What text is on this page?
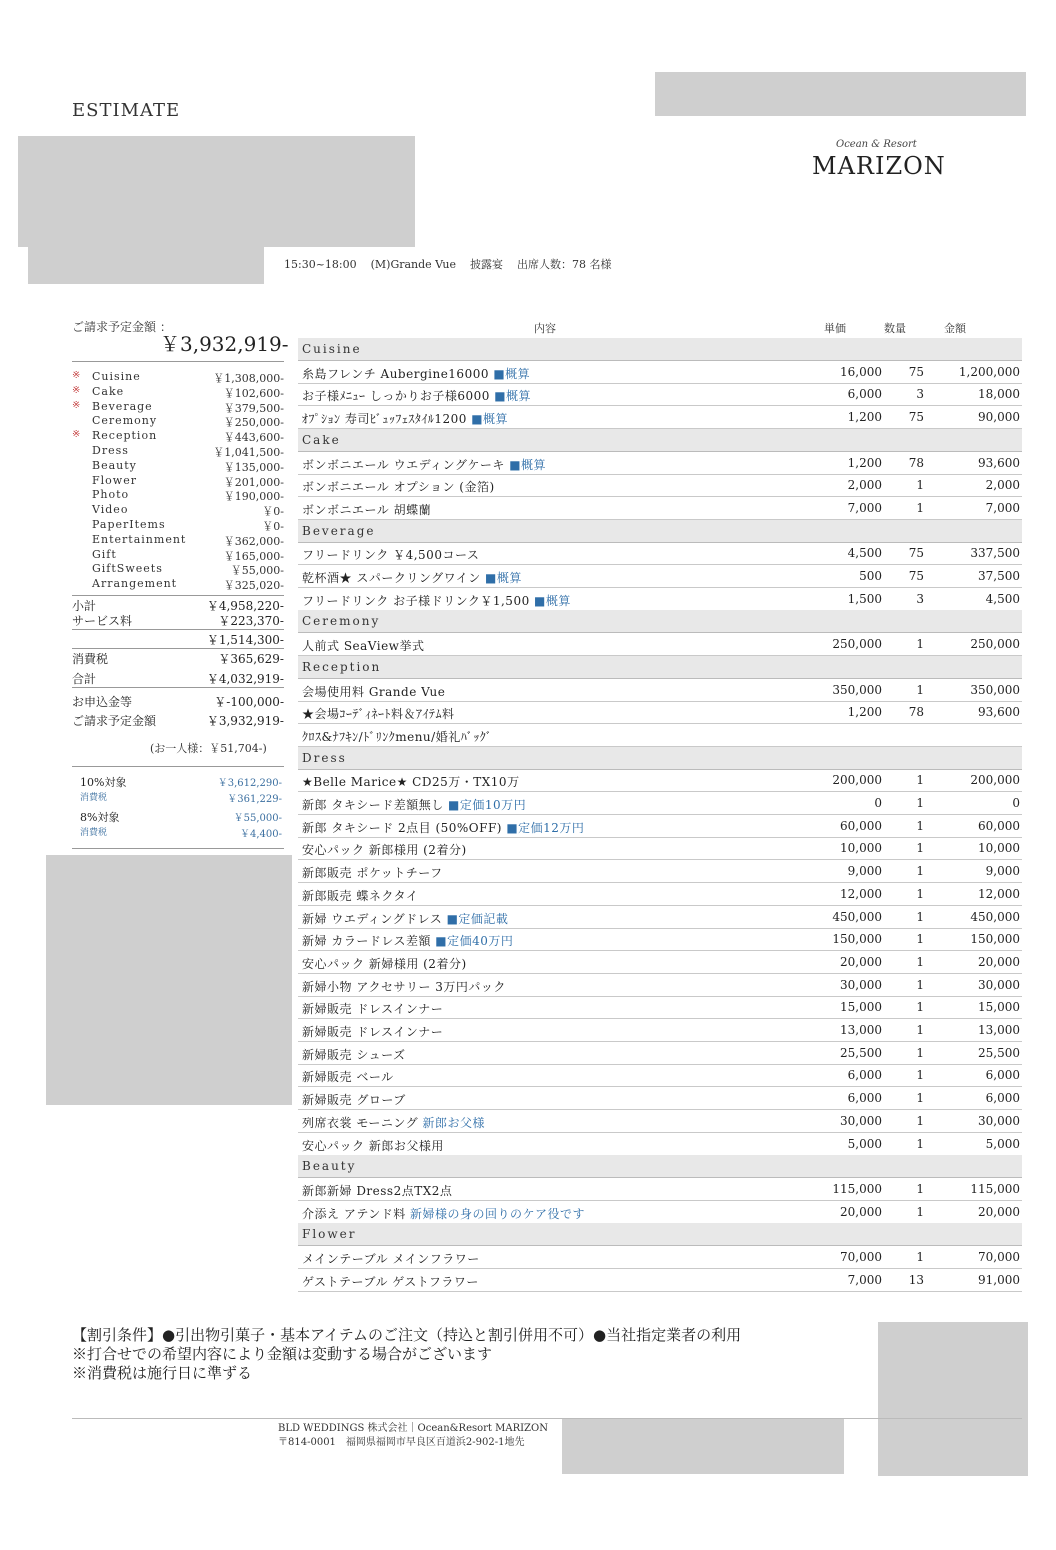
ESTIMATE
Ocean & Resort
MARIZON
15:30~18:00    (M)Grande Vue    披露宴    出席人数：78 名様
ご請求予定金額 ：
￥3,932,919-
※ Cuisine	￥1,308,000-
※ Cake	￥102,600-
※ Beverage	￥379,500-
Ceremony	￥250,000-
※ Reception	￥443,600-
Dress	￥1,041,500-
Beauty	￥135,000-
Flower	￥201,000-
Photo	￥190,000-
Video	￥0-
PaperItems	￥0-
Entertainment	￥362,000-
Gift	￥165,000-
GiftSweets	￥55,000-
Arrangement	￥325,020-
小計	￥4,958,220-
サービス料	￥223,370-
￥1,514,300-
消費税	￥365,629-
合計	￥4,032,919-
お申込金等	￥-100,000-
ご請求予定金額	￥3,932,919-
(お一人様：￥51,704-)
10%対象	￥3,612,290-
消費税	￥361,229-
8%対象	￥55,000-
消費税	￥4,400-
内容	単価	数量	金額
Cuisine
糸島フレンチ Aubergine16000 ■概算	16,000 75	1,200,000
お子様ﾒﾆｭｰ しっかりお子様6000 ■概算	6,000	3	18,000
ｵﾌﾟｼｮﾝ 寿司ﾋﾞｭｯﾌｪｽﾀｲﾙ1200 ■概算	1,200 75	90,000
Cake
ボンボニエール ウエディングケーキ ■概算	1,200 78	93,600
ボンボニエール オプション (金箔)	2,000	1	2,000
ボンボニエール 胡蝶蘭	7,000	1	7,000
Beverage
フリードリンク ￥4,500コース	4,500 75	337,500
乾杯酒★ スパークリングワイン ■概算	500 75	37,500
フリードリンク お子様ドリンク￥1,500 ■概算	1,500	3	4,500
Ceremony
人前式 SeaView挙式	250,000	1	250,000
Reception
会場使用料 Grande Vue	350,000	1	350,000
★会場ｺｰﾃﾞｨﾈｰﾄ料＆ｱｲﾃﾑ料	1,200 78	93,600
ｸﾛｽ&ﾅﾌｷﾝ/ﾄﾞﾘﾝｸmenu/婚礼ﾊﾞｯｸﾞ
Dress
★Belle Marice★ CD25万・TX10万	200,000	1	200,000
新郎 タキシード差額無し ■定価10万円	0	1	0
新郎 タキシード 2点目 (50%OFF) ■定価12万円	60,000	1	60,000
安心パック 新郎様用 (2着分)	10,000	1	10,000
新郎販売 ポケットチーフ	9,000	1	9,000
新郎販売 蝶ネクタイ	12,000	1	12,000
新婦 ウエディングドレス ■定価記載	450,000	1	450,000
新婦 カラードレス差額 ■定価40万円	150,000	1	150,000
安心パック 新婦様用 (2着分)	20,000	1	20,000
新婦小物 アクセサリー 3万円パック	30,000	1	30,000
新婦販売 ドレスインナー	15,000	1	15,000
新婦販売 ドレスインナー	13,000	1	13,000
新婦販売 シューズ	25,500	1	25,500
新婦販売 ベール	6,000	1	6,000
新婦販売 グローブ	6,000	1	6,000
列席衣裳 モーニング 新郎お父様	30,000	1	30,000
安心パック 新郎お父様用	5,000	1	5,000
Beauty
新郎新婦 Dress2点TX2点	115,000	1	115,000
介添え アテンド料 新婦様の身の回りのケア役です	20,000	1	20,000
Flower
メインテーブル メインフラワー	70,000	1	70,000
ゲストテーブル ゲストフラワー	7,000 13	91,000
【割引条件】●引出物引菓子・基本アイテムのご注文（持込と割引併用不可）●当社指定業者の利用
※打合せでの希望内容により金額は変動する場合がございます
※消費税は施行日に準ずる
BLD WEDDINGS 株式会社｜Ocean&Resort MARIZON
〒814-0001　福岡県福岡市早良区百道浜2-902-1地先
